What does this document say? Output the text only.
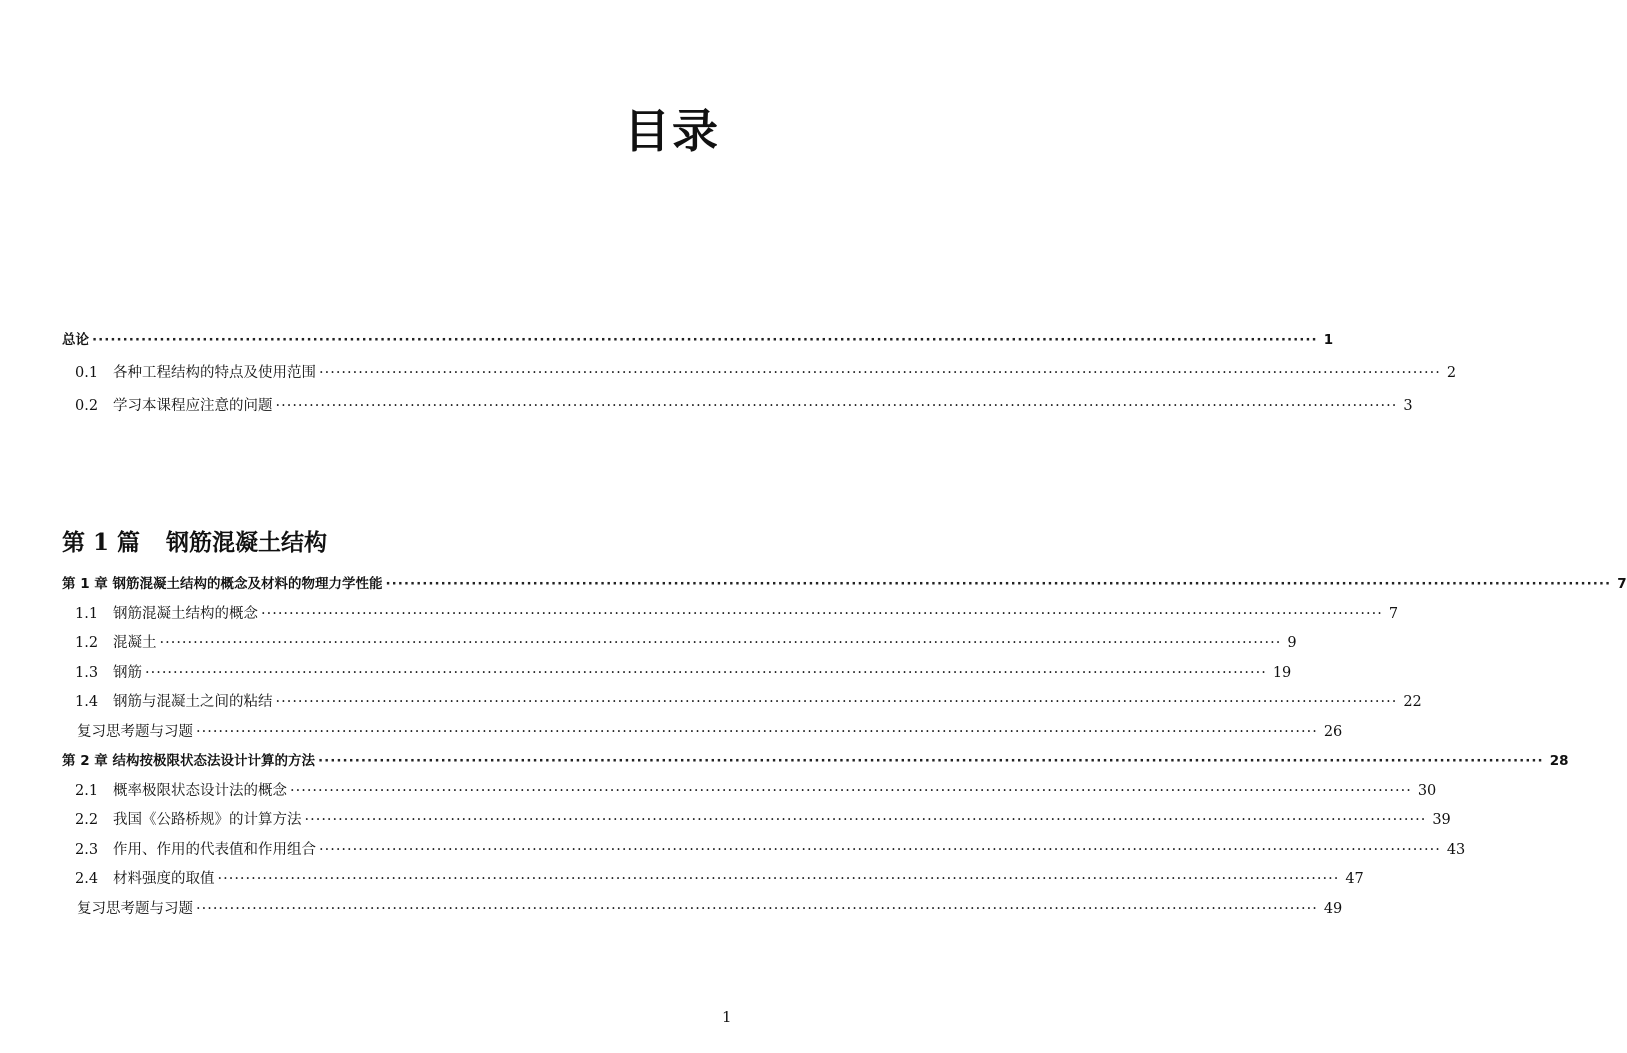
目录
总论 ········································································································································································································ 1
0.1 各种工程结构的特点及使用范围 ········································································································································································································ 2
0.2 学习本课程应注意的问题 ········································································································································································································ 3
第 1 篇 钢筋混凝土结构
第 1 章 钢筋混凝土结构的概念及材料的物理力学性能 ········································································································································································································ 7
1.1 钢筋混凝土结构的概念 ········································································································································································································ 7
1.2 混凝土 ········································································································································································································ 9
1.3 钢筋 ········································································································································································································ 19
1.4 钢筋与混凝土之间的粘结 ········································································································································································································ 22
复习思考题与习题 ········································································································································································································ 26
第 2 章 结构按极限状态法设计计算的方法 ········································································································································································································ 28
2.1 概率极限状态设计法的概念 ········································································································································································································ 30
2.2 我国《公路桥规》的计算方法 ········································································································································································································ 39
2.3 作用、作用的代表值和作用组合 ········································································································································································································ 43
2.4 材料强度的取值 ········································································································································································································ 47
复习思考题与习题 ········································································································································································································ 49
1
